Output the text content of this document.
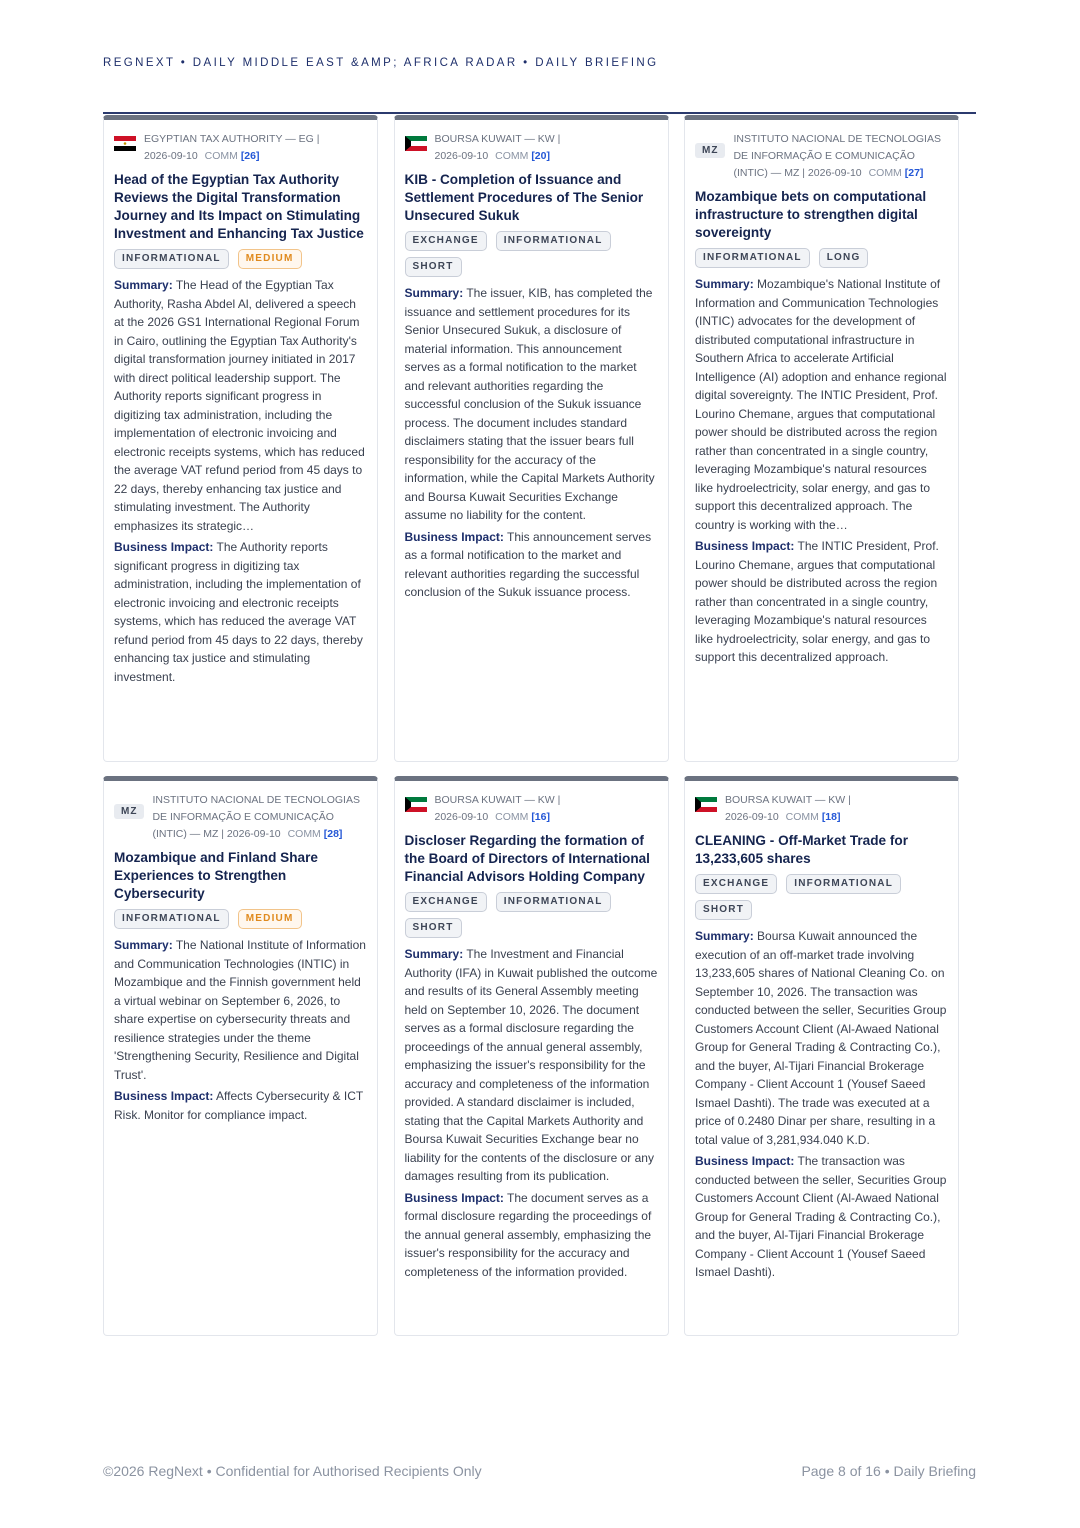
REGNEXT • DAILY MIDDLE EAST &AMP; AFRICA RADAR • DAILY BRIEFING
EGYPTIAN TAX AUTHORITY — EG |
2026-09-10 COMM [26]
Head of the Egyptian Tax Authority Reviews the Digital Transformation Journey and Its Impact on Stimulating Investment and Enhancing Tax Justice
INFORMATIONAL	MEDIUM
Summary: The Head of the Egyptian Tax Authority, Rasha Abdel Al, delivered a speech at the 2026 GS1 International Regional Forum in Cairo, outlining the Egyptian Tax Authority's digital transformation journey initiated in 2017 with direct political leadership support. The Authority reports significant progress in digitizing tax administration, including the implementation of electronic invoicing and electronic receipts systems, which has reduced the average VAT refund period from 45 days to 22 days, thereby enhancing tax justice and stimulating investment. The Authority emphasizes its strategic…
Business Impact: The Authority reports significant progress in digitizing tax administration, including the implementation of electronic invoicing and electronic receipts systems, which has reduced the average VAT refund period from 45 days to 22 days, thereby enhancing tax justice and stimulating investment.
BOURSA KUWAIT — KW |
2026-09-10 COMM [20]
KIB - Completion of Issuance and Settlement Procedures of The Senior Unsecured Sukuk
EXCHANGE	INFORMATIONAL
SHORT
Summary: The issuer, KIB, has completed the issuance and settlement procedures for its Senior Unsecured Sukuk, a disclosure of material information. This announcement serves as a formal notification to the market and relevant authorities regarding the successful conclusion of the Sukuk issuance process. The document includes standard disclaimers stating that the issuer bears full responsibility for the accuracy of the information, while the Capital Markets Authority and Boursa Kuwait Securities Exchange assume no liability for the content.
Business Impact: This announcement serves as a formal notification to the market and relevant authorities regarding the successful conclusion of the Sukuk issuance process.
MZ
INSTITUTO NACIONAL DE TECNOLOGIAS DE INFORMAÇÃO E COMUNICAÇÃO (INTIC) — MZ | 2026-09-10 COMM [27]
Mozambique bets on computational infrastructure to strengthen digital sovereignty
INFORMATIONAL	LONG
Summary: Mozambique's National Institute of Information and Communication Technologies (INTIC) advocates for the development of distributed computational infrastructure in Southern Africa to accelerate Artificial Intelligence (AI) adoption and enhance regional digital sovereignty. The INTIC President, Prof. Lourino Chemane, argues that computational power should be distributed across the region rather than concentrated in a single country, leveraging Mozambique's natural resources like hydroelectricity, solar energy, and gas to support this decentralized approach. The country is working with the…
Business Impact: The INTIC President, Prof. Lourino Chemane, argues that computational power should be distributed across the region rather than concentrated in a single country, leveraging Mozambique's natural resources like hydroelectricity, solar energy, and gas to support this decentralized approach.
MZ
INSTITUTO NACIONAL DE TECNOLOGIAS DE INFORMAÇÃO E COMUNICAÇÃO (INTIC) — MZ | 2026-09-10 COMM [28]
Mozambique and Finland Share Experiences to Strengthen Cybersecurity
INFORMATIONAL	MEDIUM
Summary: The National Institute of Information and Communication Technologies (INTIC) in Mozambique and the Finnish government held a virtual webinar on September 6, 2026, to share expertise on cybersecurity threats and resilience strategies under the theme 'Strengthening Security, Resilience and Digital Trust'.
Business Impact: Affects Cybersecurity & ICT Risk. Monitor for compliance impact.
BOURSA KUWAIT — KW |
2026-09-10 COMM [16]
Discloser Regarding the formation of the Board of Directors of International Financial Advisors Holding Company
EXCHANGE	INFORMATIONAL
SHORT
Summary: The Investment and Financial Authority (IFA) in Kuwait published the outcome and results of its General Assembly meeting held on September 10, 2026. The document serves as a formal disclosure regarding the proceedings of the annual general assembly, emphasizing the issuer's responsibility for the accuracy and completeness of the information provided. A standard disclaimer is included, stating that the Capital Markets Authority and Boursa Kuwait Securities Exchange bear no liability for the contents of the disclosure or any damages resulting from its publication.
Business Impact: The document serves as a formal disclosure regarding the proceedings of the annual general assembly, emphasizing the issuer's responsibility for the accuracy and completeness of the information provided.
BOURSA KUWAIT — KW |
2026-09-10 COMM [18]
CLEANING - Off-Market Trade for 13,233,605 shares
EXCHANGE	INFORMATIONAL
SHORT
Summary: Boursa Kuwait announced the execution of an off-market trade involving 13,233,605 shares of National Cleaning Co. on September 10, 2026. The transaction was conducted between the seller, Securities Group Customers Account Client (Al-Awaed National Group for General Trading & Contracting Co.), and the buyer, Al-Tijari Financial Brokerage Company - Client Account 1 (Yousef Saeed Ismael Dashti). The trade was executed at a price of 0.2480 Dinar per share, resulting in a total value of 3,281,934.040 K.D.
Business Impact: The transaction was conducted between the seller, Securities Group Customers Account Client (Al-Awaed National Group for General Trading & Contracting Co.), and the buyer, Al-Tijari Financial Brokerage Company - Client Account 1 (Yousef Saeed Ismael Dashti).
©2026 RegNext • Confidential for Authorised Recipients Only	Page 8 of 16 • Daily Briefing
